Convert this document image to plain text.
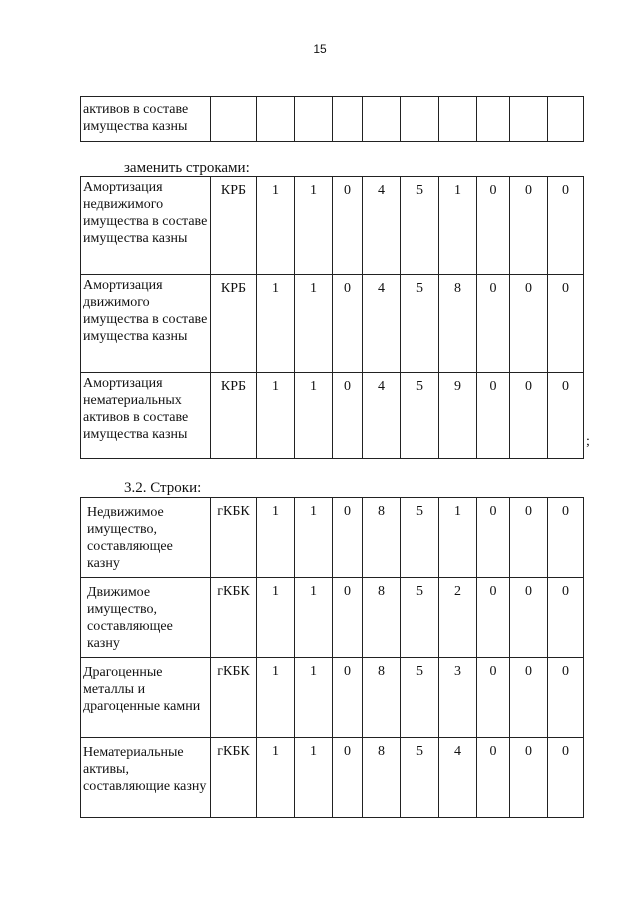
15
активов в составе имущества казны										
заменить строками:
Амортизация недвижимого имущества в составе имущества казны	КРБ	1	1	0	4	5	1	0	0	0
Амортизация движимого имущества в составе имущества казны	КРБ	1	1	0	4	5	8	0	0	0
Амортизация нематериальных активов в составе имущества казны	КРБ	1	1	0	4	5	9	0	0	0
;
3.2. Строки:
Недвижимое имущество, составляющее казну	гКБК	1	1	0	8	5	1	0	0	0
Движимое имущество, составляющее казну	гКБК	1	1	0	8	5	2	0	0	0
Драгоценные металлы и драгоценные камни	гКБК	1	1	0	8	5	3	0	0	0
Нематериальные активы, составляющие казну	гКБК	1	1	0	8	5	4	0	0	0
